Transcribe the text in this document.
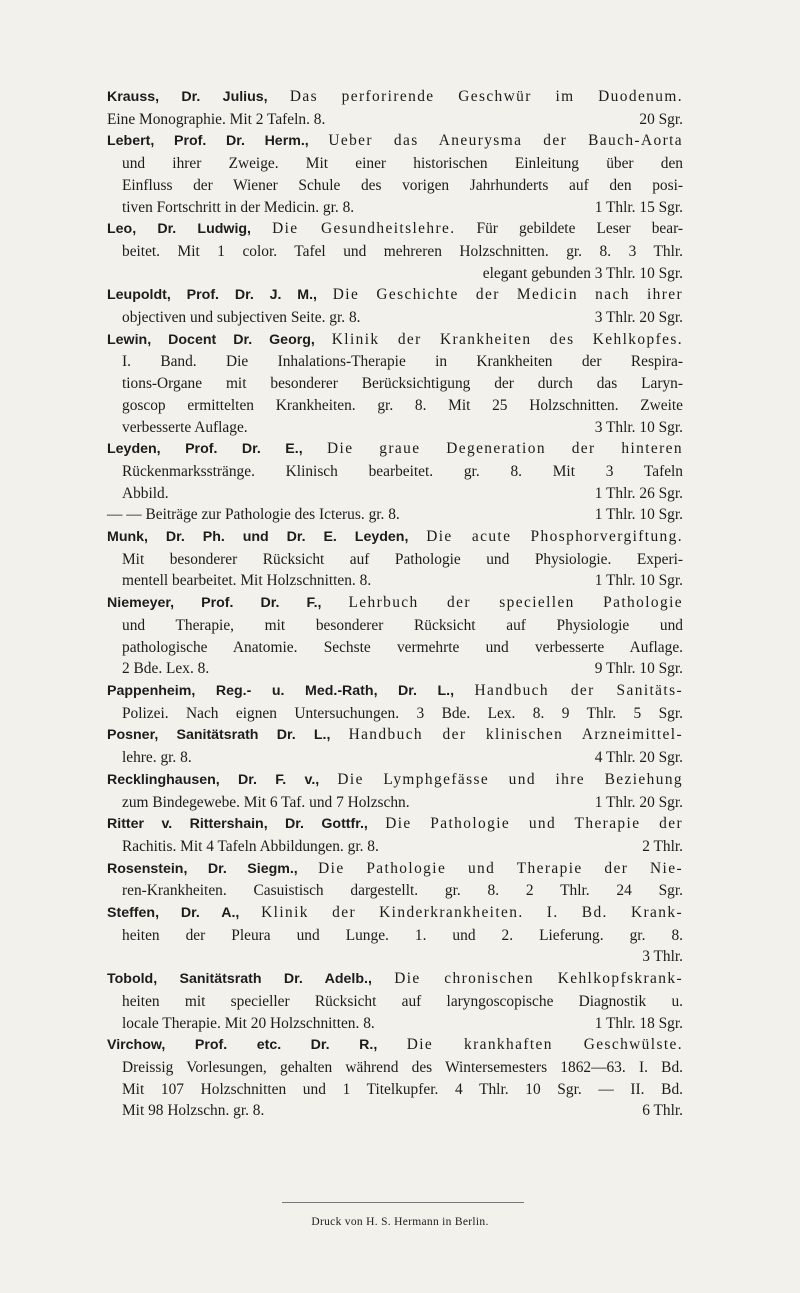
Krauss, Dr. Julius, Das perforirende Geschwür im Duodenum.
Eine Monographie. Mit 2 Tafeln. 8.	20 Sgr.
Lebert, Prof. Dr. Herm., Ueber das Aneurysma der Bauch-Aorta
und ihrer Zweige. Mit einer historischen Einleitung über den
Einfluss der Wiener Schule des vorigen Jahrhunderts auf den posi-
tiven Fortschritt in der Medicin. gr. 8.	1 Thlr. 15 Sgr.
Leo, Dr. Ludwig, Die Gesundheitslehre. Für gebildete Leser bear-
beitet. Mit 1 color. Tafel und mehreren Holzschnitten. gr. 8. 3 Thlr.
elegant gebunden 3 Thlr. 10 Sgr.
Leupoldt, Prof. Dr. J. M., Die Geschichte der Medicin nach ihrer
objectiven und subjectiven Seite. gr. 8.	3 Thlr. 20 Sgr.
Lewin, Docent Dr. Georg, Klinik der Krankheiten des Kehlkopfes.
I. Band. Die Inhalations-Therapie in Krankheiten der Respira-
tions-Organe mit besonderer Berücksichtigung der durch das Laryn-
goscop ermittelten Krankheiten. gr. 8. Mit 25 Holzschnitten. Zweite
verbesserte Auflage.	3 Thlr. 10 Sgr.
Leyden, Prof. Dr. E., Die graue Degeneration der hinteren
Rückenmarksstränge. Klinisch bearbeitet. gr. 8. Mit 3 Tafeln
Abbild.	1 Thlr. 26 Sgr.
— — Beiträge zur Pathologie des Icterus. gr. 8.	1 Thlr. 10 Sgr.
Munk, Dr. Ph. und Dr. E. Leyden, Die acute Phosphorvergiftung.
Mit besonderer Rücksicht auf Pathologie und Physiologie. Experi-
mentell bearbeitet. Mit Holzschnitten. 8.	1 Thlr. 10 Sgr.
Niemeyer, Prof. Dr. F., Lehrbuch der speciellen Pathologie
und Therapie, mit besonderer Rücksicht auf Physiologie und
pathologische Anatomie. Sechste vermehrte und verbesserte Auflage.
2 Bde. Lex. 8.	9 Thlr. 10 Sgr.
Pappenheim, Reg.- u. Med.-Rath, Dr. L., Handbuch der Sanitäts-
Polizei. Nach eignen Untersuchungen. 3 Bde. Lex. 8. 9 Thlr. 5 Sgr.
Posner, Sanitätsrath Dr. L., Handbuch der klinischen Arzneimittel-
lehre. gr. 8.	4 Thlr. 20 Sgr.
Recklinghausen, Dr. F. v., Die Lymphgefässe und ihre Beziehung
zum Bindegewebe. Mit 6 Taf. und 7 Holzschn.	1 Thlr. 20 Sgr.
Ritter v. Rittershain, Dr. Gottfr., Die Pathologie und Therapie der
Rachitis. Mit 4 Tafeln Abbildungen. gr. 8.	2 Thlr.
Rosenstein, Dr. Siegm., Die Pathologie und Therapie der Nie-
ren-Krankheiten. Casuistisch dargestellt. gr. 8. 2 Thlr. 24 Sgr.
Steffen, Dr. A., Klinik der Kinderkrankheiten. I. Bd. Krank-
heiten der Pleura und Lunge. 1. und 2. Lieferung. gr. 8.
3 Thlr.
Tobold, Sanitätsrath Dr. Adelb., Die chronischen Kehlkopfskrank-
heiten mit specieller Rücksicht auf laryngoscopische Diagnostik u.
locale Therapie. Mit 20 Holzschnitten. 8.	1 Thlr. 18 Sgr.
Virchow, Prof. etc. Dr. R., Die krankhaften Geschwülste.
Dreissig Vorlesungen, gehalten während des Wintersemesters 1862—63. I. Bd.
Mit 107 Holzschnitten und 1 Titelkupfer. 4 Thlr. 10 Sgr. — II. Bd.
Mit 98 Holzschn. gr. 8.	6 Thlr.
Druck von H. S. Hermann in Berlin.
